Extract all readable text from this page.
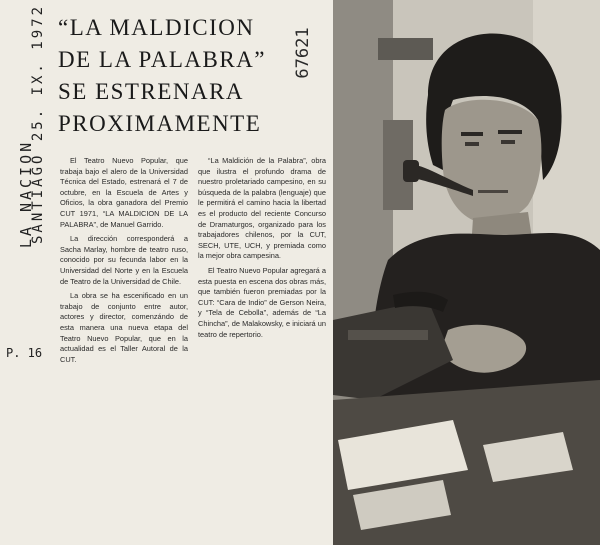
LA NACION
SANTIAGO 25. IX. 1972
P. 16
“LA MALDICION
DE LA PALABRA”
SE ESTRENARA
PROXIMAMENTE
67621

El Teatro Nuevo Popular, que trabaja bajo el alero de la Universidad Técnica del Estado, estrenará el 7 de octubre, en la Escuela de Artes y Oficios, la obra ganadora del Premio CUT 1971, “LA MALDICION DE LA PALABRA”, de Manuel Garrido.

La dirección corresponderá a Sacha Marlay, hombre de teatro ruso, conocido por su fecunda labor en la Universidad del Norte y en la Escuela de Teatro de la Universidad de Chile.

La obra se ha escenificado en un trabajo de conjunto entre autor, actores y director, comenzándo de esta manera una nueva etapa del Teatro Nuevo Popular, que en la actualidad es el Taller Autoral de la CUT.

“La Maldición de la Palabra”, obra que ilustra el profundo drama de nuestro proletariado campesino, en su búsqueda de la palabra (lenguaje) que le permitirá el camino hacia la libertad es el producto del reciente Concurso de Dramaturgos, organizado para los trabajadores chilenos, por la CUT, SECH, UTE, UCH, y premiada como la mejor obra campesina.

El Teatro Nuevo Popular agregará a esta puesta en escena dos obras más, que también fueron premiadas por la CUT: “Cara de Indio” de Gerson Neira, y “Tela de Cebolla”, además de “La Chincha”, de Malakowsky, e iniciará un teatro de repertorio.
